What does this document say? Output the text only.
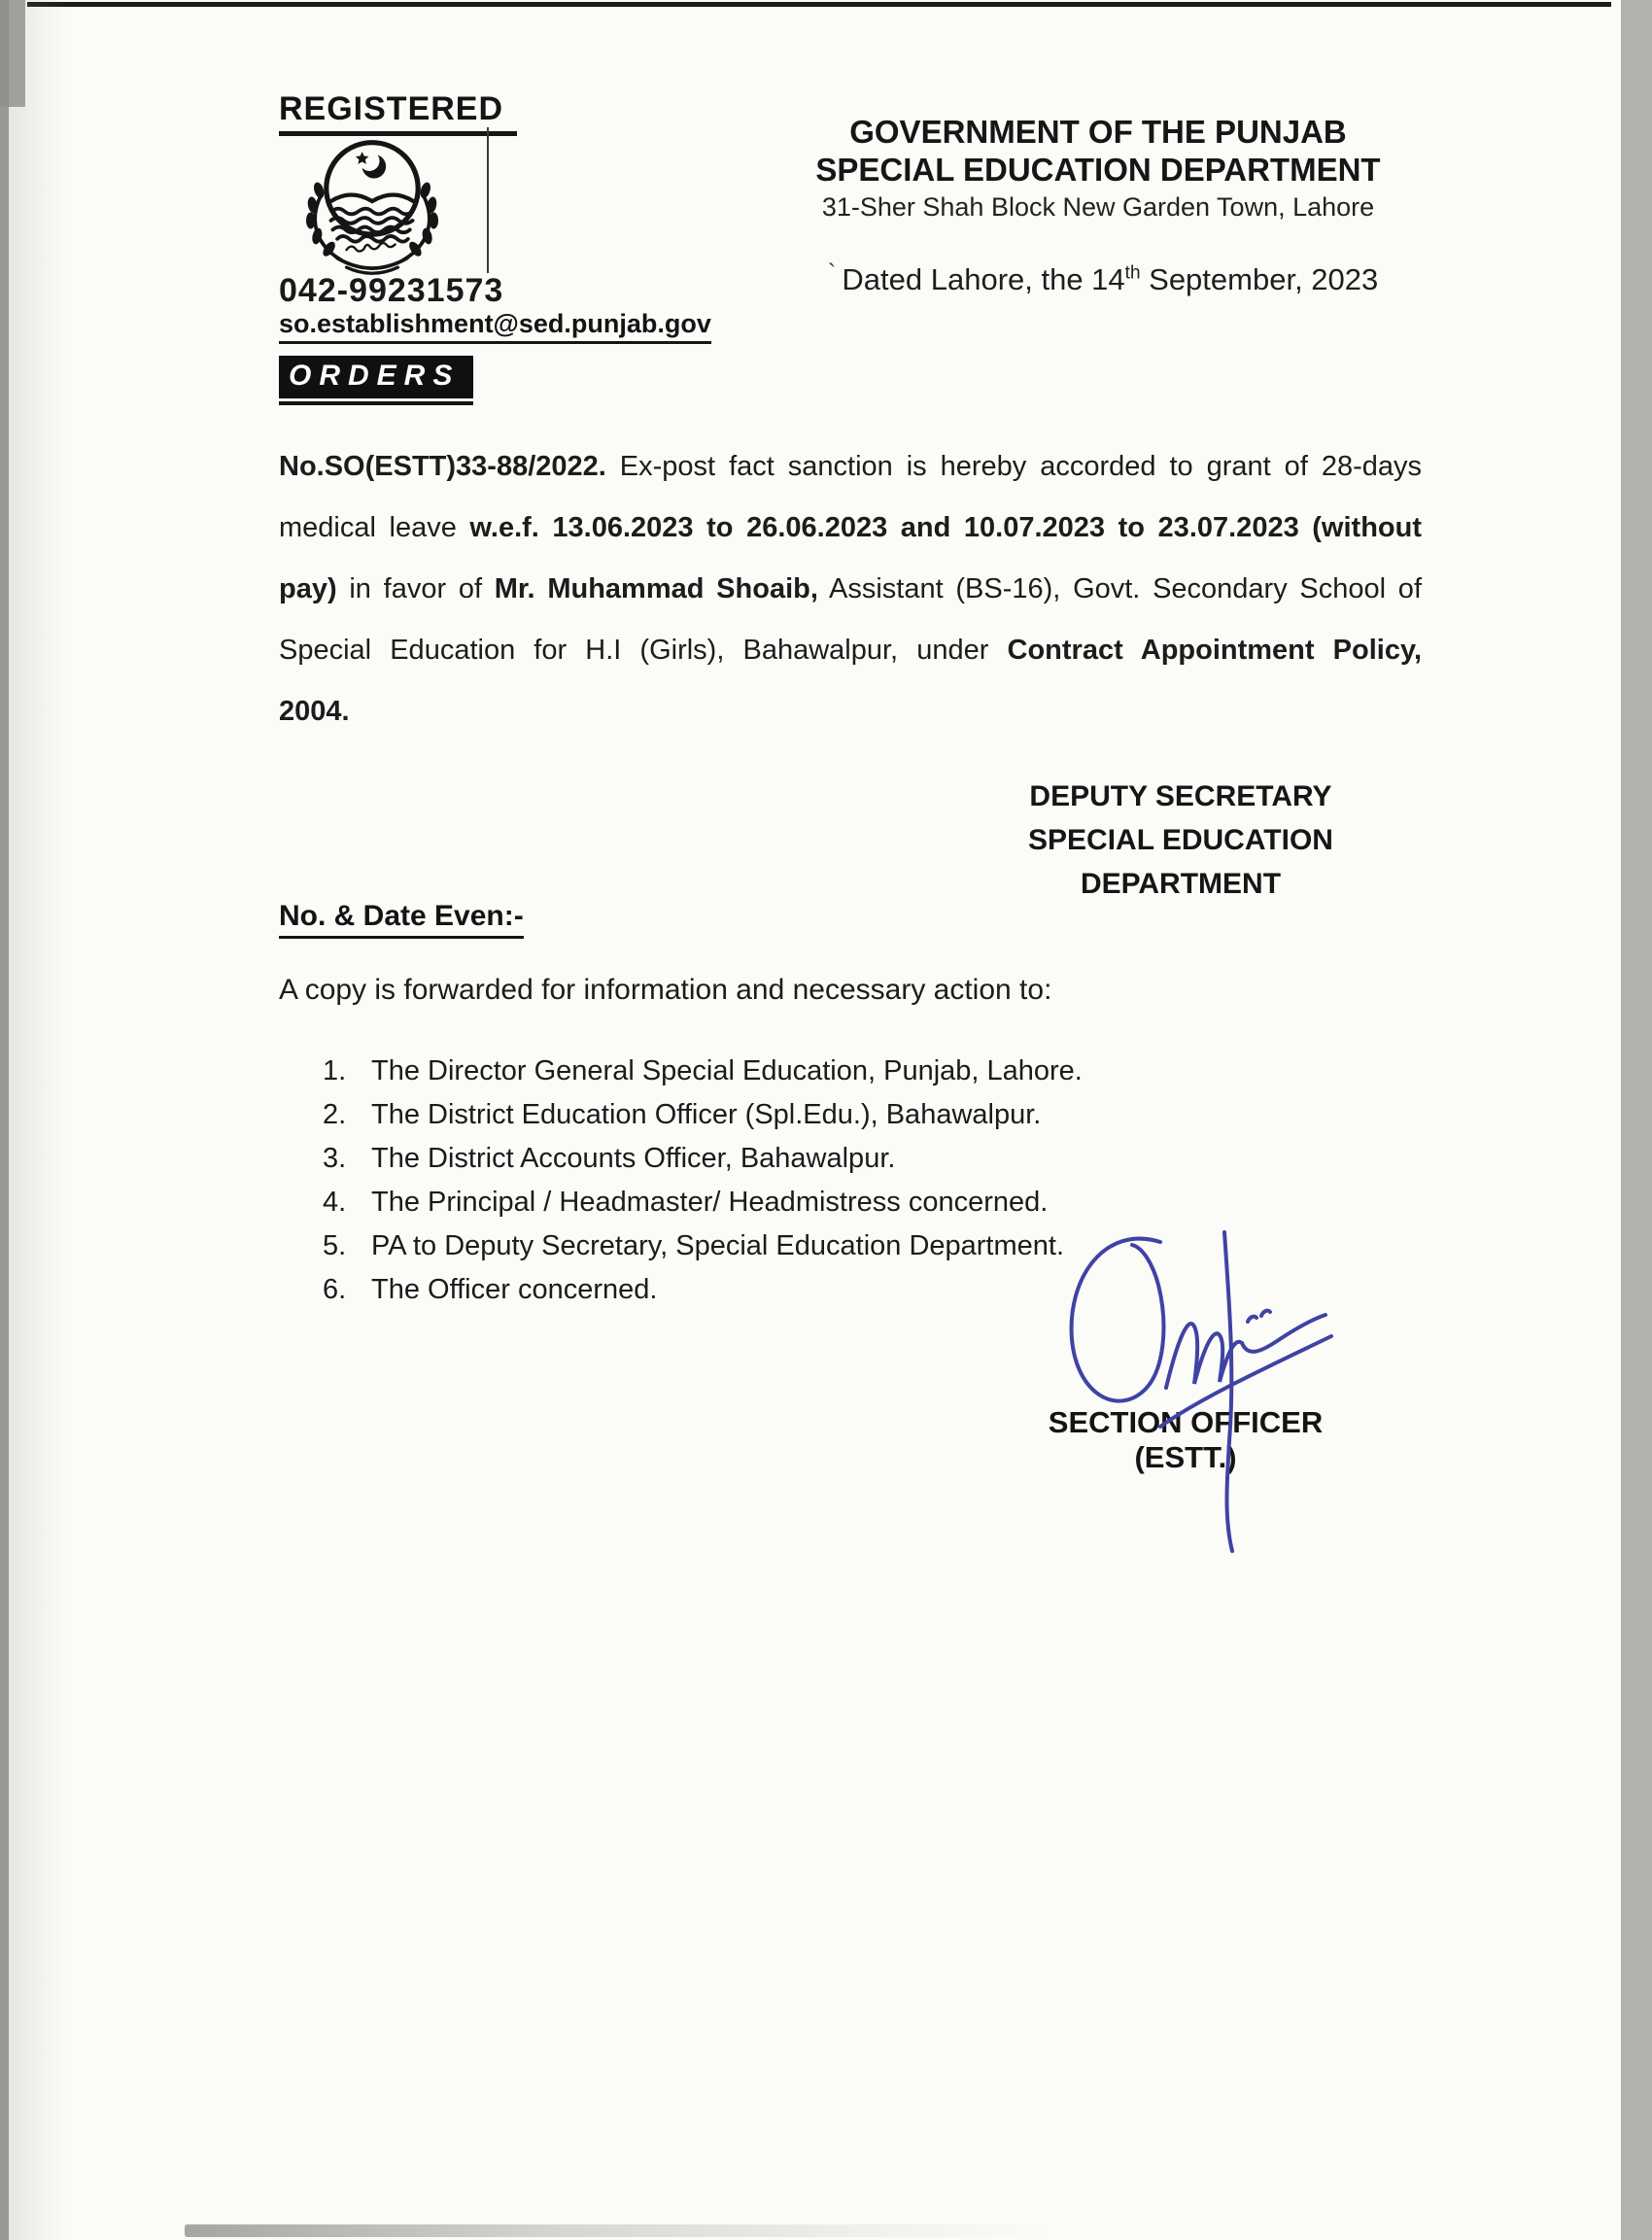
REGISTERED
042-99231573
so.establishment@sed.punjab.gov
GOVERNMENT OF THE PUNJAB
SPECIAL EDUCATION DEPARTMENT
31-Sher Shah Block New Garden Town, Lahore
` Dated Lahore, the 14th September, 2023
ORDERS
No.SO(ESTT)33-88/2022. Ex-post fact sanction is hereby accorded to grant of 28-days medical leave w.e.f. 13.06.2023 to 26.06.2023 and 10.07.2023 to 23.07.2023 (without pay) in favor of Mr. Muhammad Shoaib, Assistant (BS-16), Govt. Secondary School of Special Education for H.I (Girls), Bahawalpur, under Contract Appointment Policy, 2004.
DEPUTY SECRETARY
SPECIAL EDUCATION
DEPARTMENT
No. & Date Even:-
A copy is forwarded for information and necessary action to:
1. The Director General Special Education, Punjab, Lahore.
2. The District Education Officer (Spl.Edu.), Bahawalpur.
3. The District Accounts Officer, Bahawalpur.
4. The Principal / Headmaster/ Headmistress concerned.
5. PA to Deputy Secretary, Special Education Department.
6. The Officer concerned.
SECTION OFFICER (ESTT.)
